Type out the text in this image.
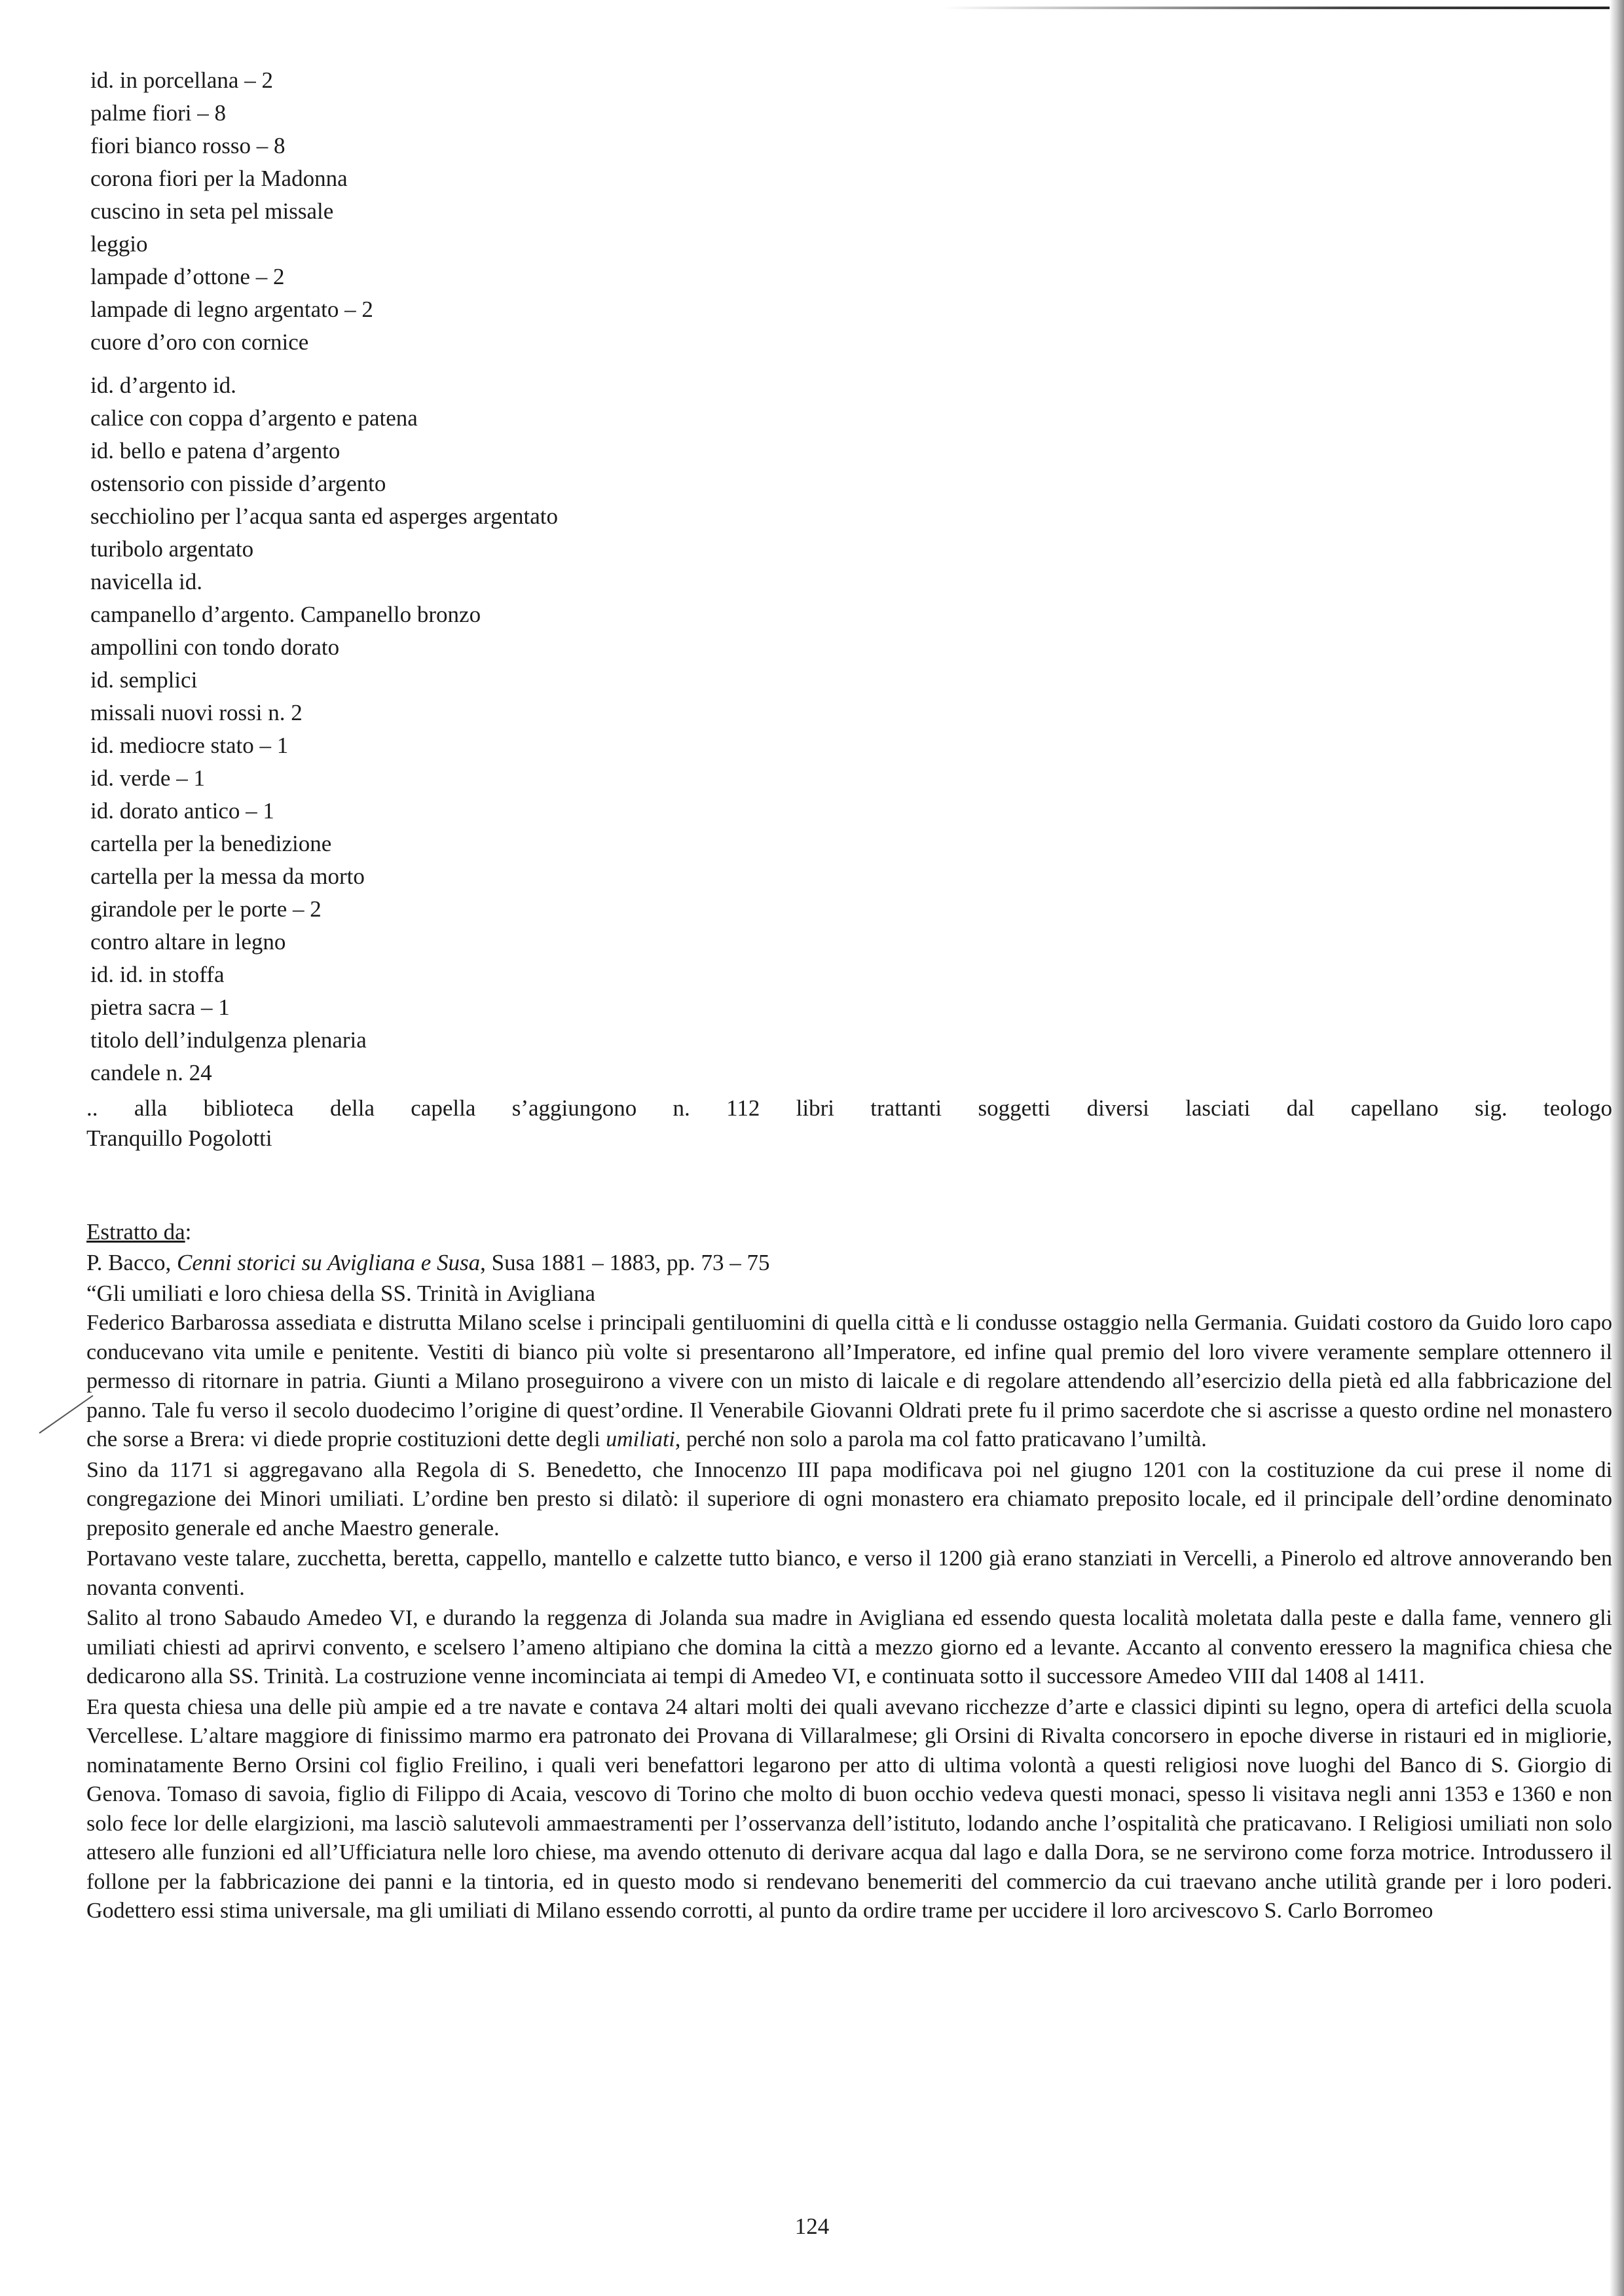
id. in porcellana – 2
palme fiori – 8
fiori bianco rosso – 8
corona fiori per la Madonna
cuscino in seta pel missale
leggio
lampade d’ottone – 2
lampade di legno argentato – 2
cuore d’oro con cornice
id. d’argento id.
calice con coppa d’argento e patena
id. bello e patena d’argento
ostensorio con pisside d’argento
secchiolino per l’acqua santa ed asperges argentato
turibolo argentato
navicella id.
campanello d’argento. Campanello bronzo
ampollini con tondo dorato
id. semplici
missali nuovi rossi n. 2
id. mediocre stato – 1
id. verde – 1
id. dorato antico – 1
cartella per la benedizione
cartella per la messa da morto
girandole per le porte – 2
contro altare in legno
id. id. in stoffa
pietra sacra – 1
titolo dell’indulgenza plenaria
candele n. 24
.. alla biblioteca della capella s’aggiungono n. 112 libri trattanti soggetti diversi lasciati dal capellano sig. teologo
Tranquillo Pogolotti
Estratto da:
P. Bacco, Cenni storici su Avigliana e Susa, Susa 1881 – 1883, pp. 73 – 75
“Gli umiliati e loro chiesa della SS. Trinità in Avigliana

Federico Barbarossa assediata e distrutta Milano scelse i principali gentiluomini di quella città e li condusse ostaggio nella Germania. Guidati costoro da Guido loro capo conducevano vita umile e penitente. Vestiti di bianco più volte si presentarono all’Imperatore, ed infine qual premio del loro vivere veramente semplare ottennero il permesso di ritornare in patria. Giunti a Milano proseguirono a vivere con un misto di laicale e di regolare attendendo all’esercizio della pietà ed alla fabbricazione del panno. Tale fu verso il secolo duodecimo l’origine di quest’ordine. Il Venerabile Giovanni Oldrati prete fu il primo sacerdote che si ascrisse a questo ordine nel monastero che sorse a Brera: vi diede proprie costituzioni dette degli umiliati, perché non solo a parola ma col fatto praticavano l’umiltà.

Sino da 1171 si aggregavano alla Regola di S. Benedetto, che Innocenzo III papa modificava poi nel giugno 1201 con la costituzione da cui prese il nome di congregazione dei Minori umiliati. L’ordine ben presto si dilatò: il superiore di ogni monastero era chiamato preposito locale, ed il principale dell’ordine denominato preposito generale ed anche Maestro generale.

Portavano veste talare, zucchetta, beretta, cappello, mantello e calzette tutto bianco, e verso il 1200 già erano stanziati in Vercelli, a Pinerolo ed altrove annoverando ben novanta conventi.

Salito al trono Sabaudo Amedeo VI, e durando la reggenza di Jolanda sua madre in Avigliana ed essendo questa località moletata dalla peste e dalla fame, vennero gli umiliati chiesti ad aprirvi convento, e scelsero l’ameno altipiano che domina la città a mezzo giorno ed a levante. Accanto al convento eressero la magnifica chiesa che dedicarono alla SS. Trinità. La costruzione venne incominciata ai tempi di Amedeo VI, e continuata sotto il successore Amedeo VIII dal 1408 al 1411.

Era questa chiesa una delle più ampie ed a tre navate e contava 24 altari molti dei quali avevano ricchezze d’arte e classici dipinti su legno, opera di artefici della scuola Vercellese. L’altare maggiore di finissimo marmo era patronato dei Provana di Villaralmese; gli Orsini di Rivalta concorsero in epoche diverse in ristauri ed in migliorie, nominatamente Berno Orsini col figlio Freilino, i quali veri benefattori legarono per atto di ultima volontà a questi religiosi nove luoghi del Banco di S. Giorgio di Genova. Tomaso di savoia, figlio di Filippo di Acaia, vescovo di Torino che molto di buon occhio vedeva questi monaci, spesso li visitava negli anni 1353 e 1360 e non solo fece lor delle elargizioni, ma lasciò salutevoli ammaestramenti per l’osservanza dell’istituto, lodando anche l’ospitalità che praticavano. I Religiosi umiliati non solo attesero alle funzioni ed all’Ufficiatura nelle loro chiese, ma avendo ottenuto di derivare acqua dal lago e dalla Dora, se ne servirono come forza motrice. Introdussero il follone per la fabbricazione dei panni e la tintoria, ed in questo modo si rendevano benemeriti del commercio da cui traevano anche utilità grande per i loro poderi. Godettero essi stima universale, ma gli umiliati di Milano essendo corrotti, al punto da ordire trame per uccidere il loro arcivescovo S. Carlo Borromeo

124
